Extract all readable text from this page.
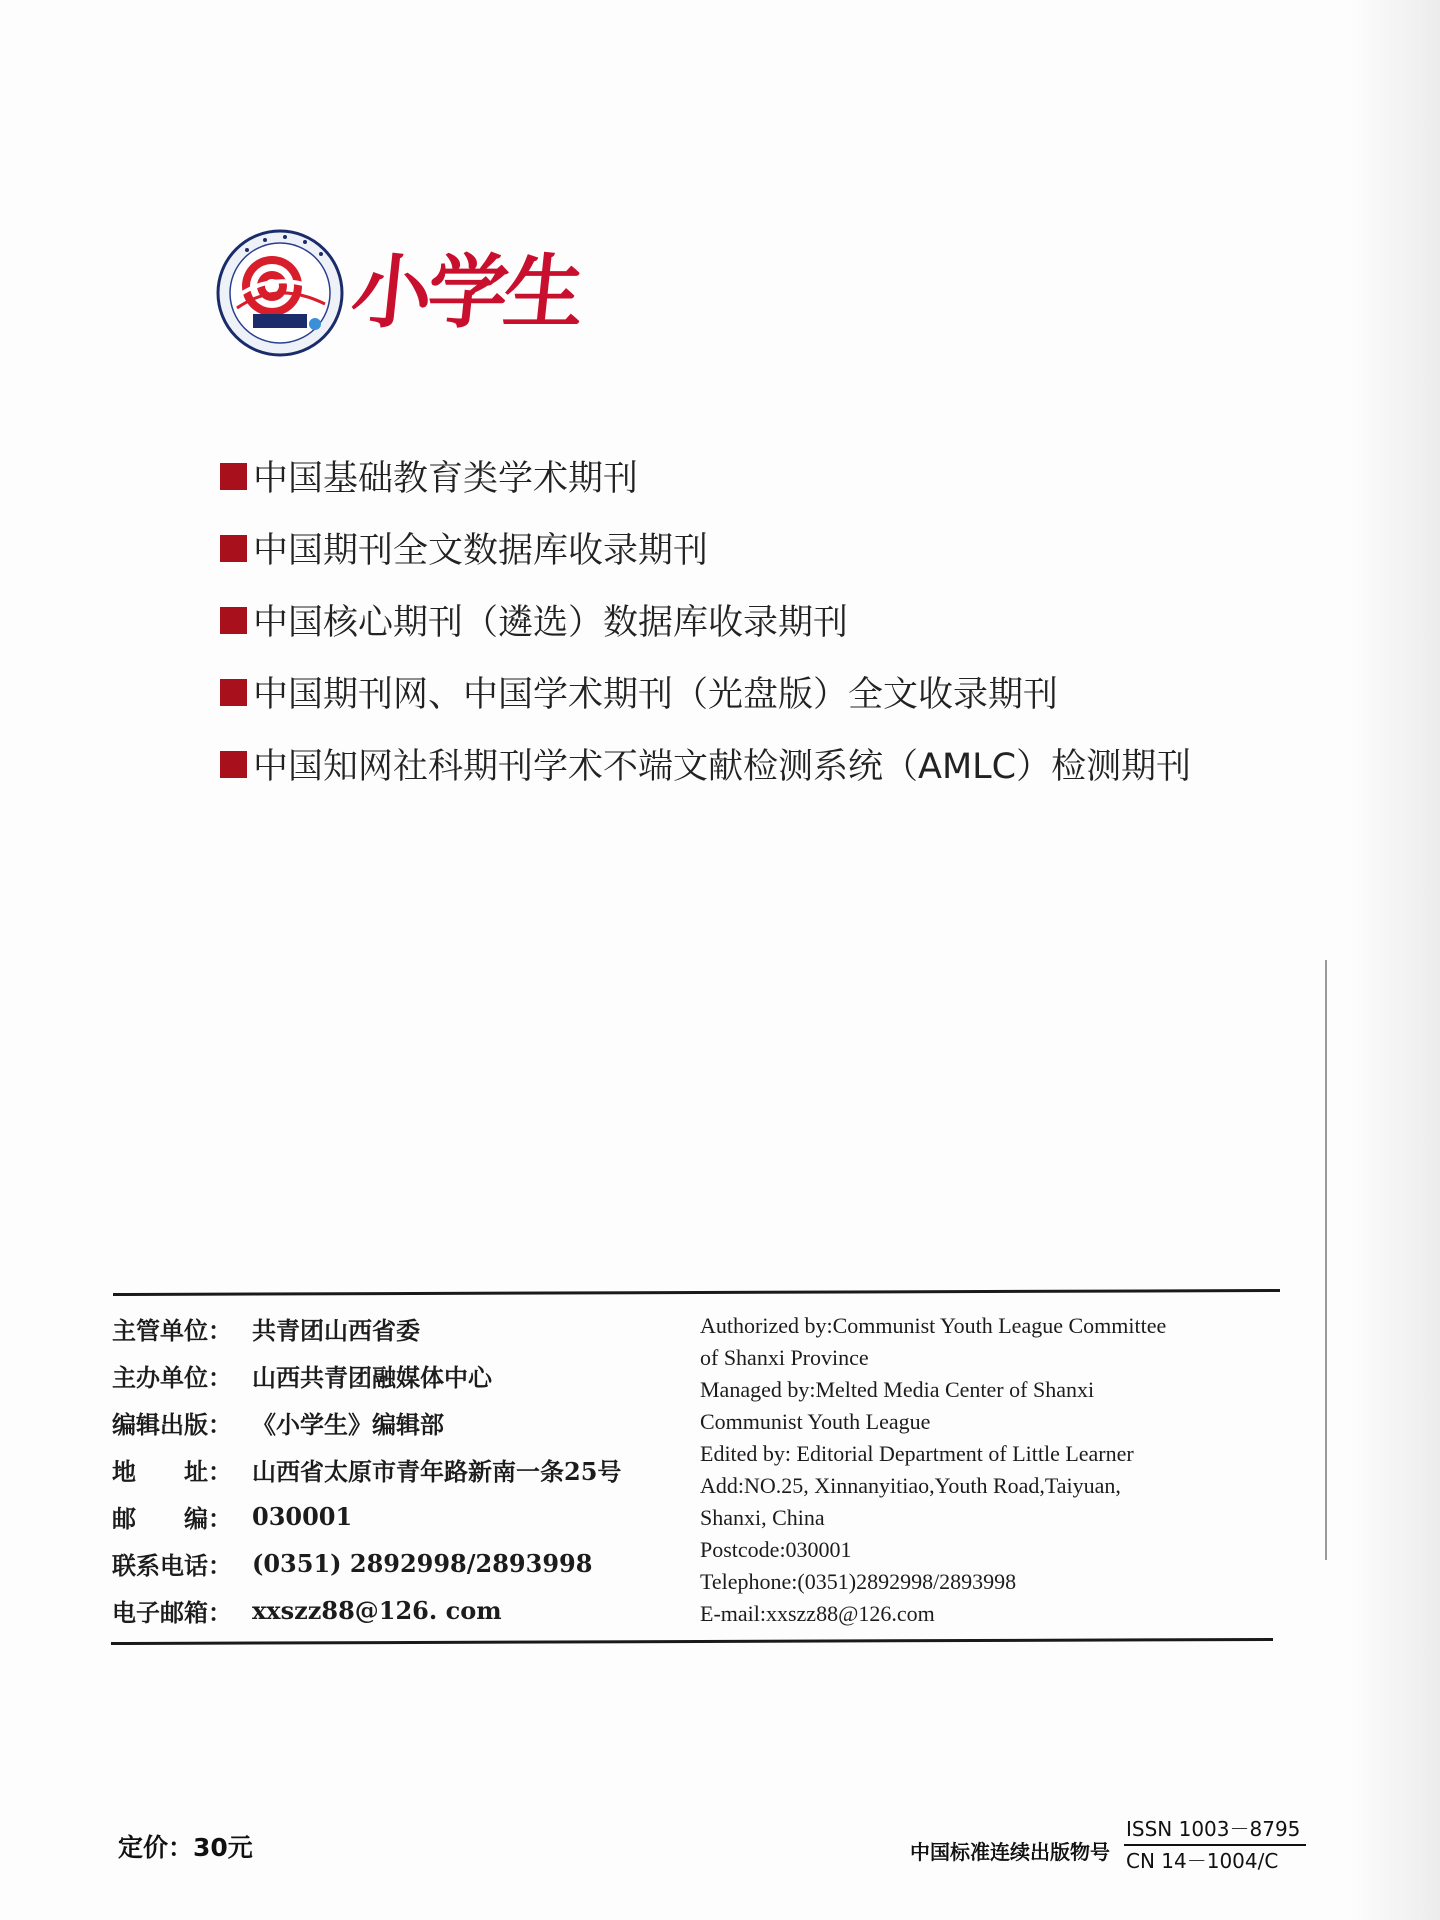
小学生
中国基础教育类学术期刊
中国期刊全文数据库收录期刊
中国核心期刊（遴选）数据库收录期刊
中国期刊网、中国学术期刊（光盘版）全文收录期刊
中国知网社科期刊学术不端文献检测系统（AMLC）检测期刊
主管单位： 共青团山西省委
主办单位： 山西共青团融媒体中心
编辑出版： 《小学生》编辑部
地　　址： 山西省太原市青年路新南一条25号
邮　　编： 030001
联系电话： (0351) 2892998/2893998
电子邮箱： xxszz88@126. com
Authorized by:Communist Youth League Committee
of Shanxi Province
Managed by:Melted Media Center of Shanxi
Communist Youth League
Edited by: Editorial Department of Little Learner
Add:NO.25, Xinnanyitiao,Youth Road,Taiyuan,
Shanxi, China
Postcode:030001
Telephone:(0351)2892998/2893998
E-mail:xxszz88@126.com
定价：30元	中国标准连续出版物号
ISSN 1003－8795
CN 14－1004/C
